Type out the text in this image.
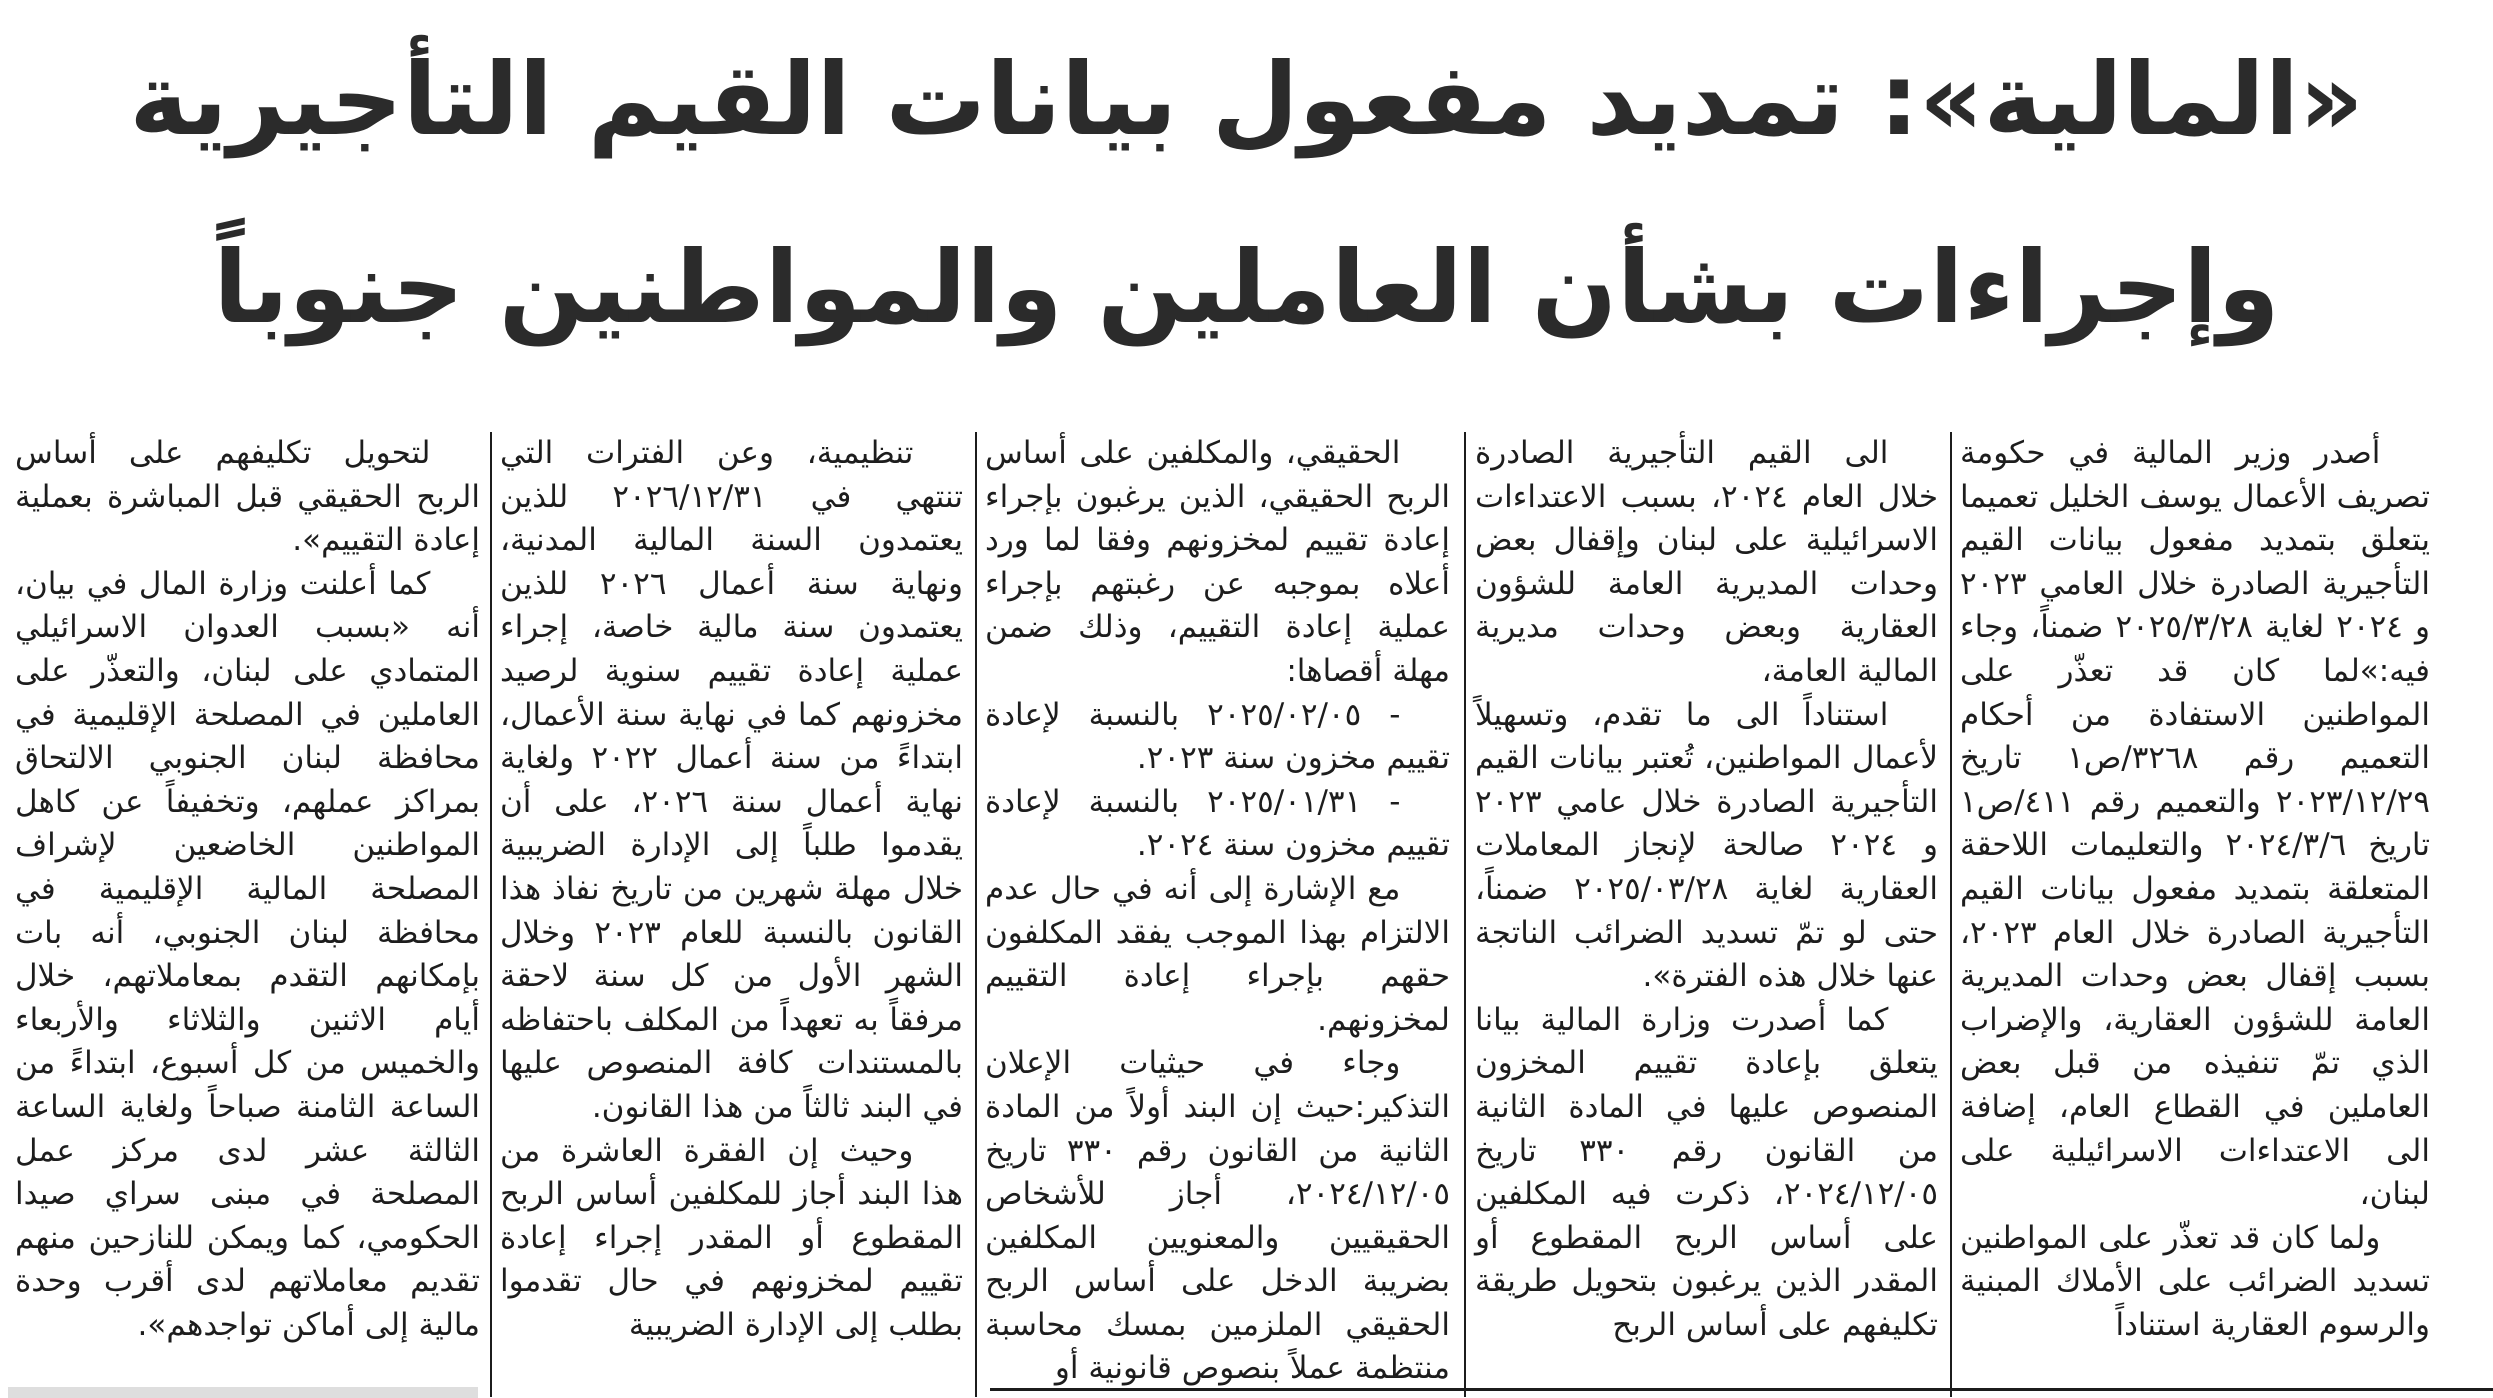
«المالية»: تمديد مفعول بيانات القيم التأجيرية
وإجراءات بشأن العاملين والمواطنين جنوباً

أصدر وزير المالية في حكومة تصريف الأعمال يوسف الخليل تعميما يتعلق بتمديد مفعول بيانات القيم التأجيرية الصادرة خلال العامي ٢٠٢٣ و ٢٠٢٤ لغاية ٢٠٢٥/٣/٢٨ ضمناً، وجاء فيه:»لما كان قد تعذّر على المواطنين الاستفادة من أحكام التعميم رقم ٣٢٦٨/ص١ تاريخ ٢٠٢٣/١٢/٢٩ والتعميم رقم ٤١١/ص١ تاريخ ٢٠٢٤/٣/٦ والتعليمات اللاحقة المتعلقة بتمديد مفعول بيانات القيم التأجيرية الصادرة خلال العام ٢٠٢٣، بسبب إقفال بعض وحدات المديرية العامة للشؤون العقارية، والإضراب الذي تمّ تنفيذه من قبل بعض العاملين في القطاع العام، إضافة الى الاعتداءات الاسرائيلية على لبنان،

ولما كان قد تعذّر على المواطنين تسديد الضرائب على الأملاك المبنية والرسوم العقارية استناداً

الى القيم التأجيرية الصادرة خلال العام ٢٠٢٤، بسبب الاعتداءات الاسرائيلية على لبنان وإقفال بعض وحدات المديرية العامة للشؤون العقارية وبعض وحدات مديرية المالية العامة،

استناداً الى ما تقدم، وتسهيلاً لأعمال المواطنين، تُعتبر بيانات القيم التأجيرية الصادرة خلال عامي ٢٠٢٣ و ٢٠٢٤ صالحة لإنجاز المعاملات العقارية لغاية ٢٠٢٥/٠٣/٢٨ ضمناً، حتى لو تمّ تسديد الضرائب الناتجة عنها خلال هذه الفترة».

كما أصدرت وزارة المالية بيانا يتعلق بإعادة تقييم المخزون المنصوص عليها في المادة الثانية من القانون رقم ٣٣٠ تاريخ ٢٠٢٤/١٢/٠٥، ذكرت فيه المكلفين على أساس الربح المقطوع أو المقدر الذين يرغبون بتحويل طريقة تكليفهم على أساس الربح

الحقيقي، والمكلفين على أساس الربح الحقيقي، الذين يرغبون بإجراء إعادة تقييم لمخزونهم وفقا لما ورد أعلاه بموجبه عن رغبتهم بإجراء عملية إعادة التقييم، وذلك ضمن مهلة أقصاها:

- ٢٠٢٥/٠٢/٠٥ بالنسبة لإعادة تقييم مخزون سنة ٢٠٢٣.

- ٢٠٢٥/٠١/٣١ بالنسبة لإعادة تقييم مخزون سنة ٢٠٢٤.

مع الإشارة إلى أنه في حال عدم الالتزام بهذا الموجب يفقد المكلفون حقهم بإجراء إعادة التقييم لمخزونهم.

وجاء في حيثيات الإعلان التذكير:حيث إن البند أولاً من المادة الثانية من القانون رقم ٣٣٠ تاريخ ٢٠٢٤/١٢/٠٥، أجاز للأشخاص الحقيقيين والمعنويين المكلفين بضريبة الدخل على أساس الربح الحقيقي الملزمين بمسك محاسبة منتظمة عملاً بنصوص قانونية أو

تنظيمية، وعن الفترات التي تنتهي في ٢٠٢٦/١٢/٣١ للذين يعتمدون السنة المالية المدنية، ونهاية سنة أعمال ٢٠٢٦ للذين يعتمدون سنة مالية خاصة، إجراء عملية إعادة تقييم سنوية لرصيد مخزونهم كما في نهاية سنة الأعمال، ابتداءً من سنة أعمال ٢٠٢٢ ولغاية نهاية أعمال سنة ٢٠٢٦، على أن يقدموا طلباً إلى الإدارة الضريبية خلال مهلة شهرين من تاريخ نفاذ هذا القانون بالنسبة للعام ٢٠٢٣ وخلال الشهر الأول من كل سنة لاحقة مرفقاً به تعهداً من المكلف باحتفاظه بالمستندات كافة المنصوص عليها في البند ثالثاً من هذا القانون.

وحيث إن الفقرة العاشرة من هذا البند أجاز للمكلفين أساس الربح المقطوع أو المقدر إجراء إعادة تقييم لمخزونهم في حال تقدموا بطلب إلى الإدارة الضريبية

لتحويل تكليفهم على أساس الربح الحقيقي قبل المباشرة بعملية إعادة التقييم».

كما أعلنت وزارة المال في بيان، أنه «بسبب العدوان الاسرائيلي المتمادي على لبنان، والتعذّر على العاملين في المصلحة الإقليمية في محافظة لبنان الجنوبي الالتحاق بمراكز عملهم، وتخفيفاً عن كاهل المواطنين الخاضعين لإشراف المصلحة المالية الإقليمية في محافظة لبنان الجنوبي، أنه بات بإمكانهم التقدم بمعاملاتهم، خلال أيام الاثنين والثلاثاء والأربعاء والخميس من كل أسبوع، ابتداءً من الساعة الثامنة صباحاً ولغاية الساعة الثالثة عشر لدى مركز عمل المصلحة في مبنى سراي صيدا الحكومي، كما ويمكن للنازحين منهم تقديم معاملاتهم لدى أقرب وحدة مالية إلى أماكن تواجدهم».
